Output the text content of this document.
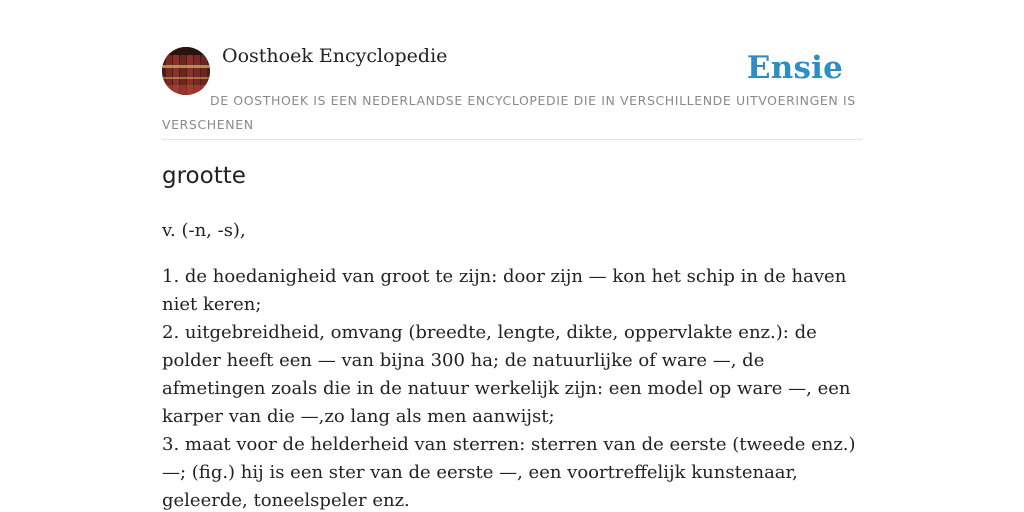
Oosthoek Encyclopedie	Ensie
DE OOSTHOEK IS EEN NEDERLANDSE ENCYCLOPEDIE DIE IN VERSCHILLENDE UITVOERINGEN IS VERSCHENEN
grootte

v. (-n, -s),

1. de hoedanigheid van groot te zijn: door zijn — kon het schip in de haven niet keren;

2. uitgebreidheid, omvang (breedte, lengte, dikte, oppervlakte enz.): de polder heeft een — van bijna 300 ha; de natuurlijke of ware —, de afmetingen zoals die in de natuur werkelijk zijn: een model op ware —, een karper van die —,zo lang als men aanwijst;

3. maat voor de helderheid van sterren: sterren van de eerste (tweede enz.) —; (fig.) hij is een ster van de eerste —, een voortreffelijk kunstenaar, geleerde, toneelspeler enz.
